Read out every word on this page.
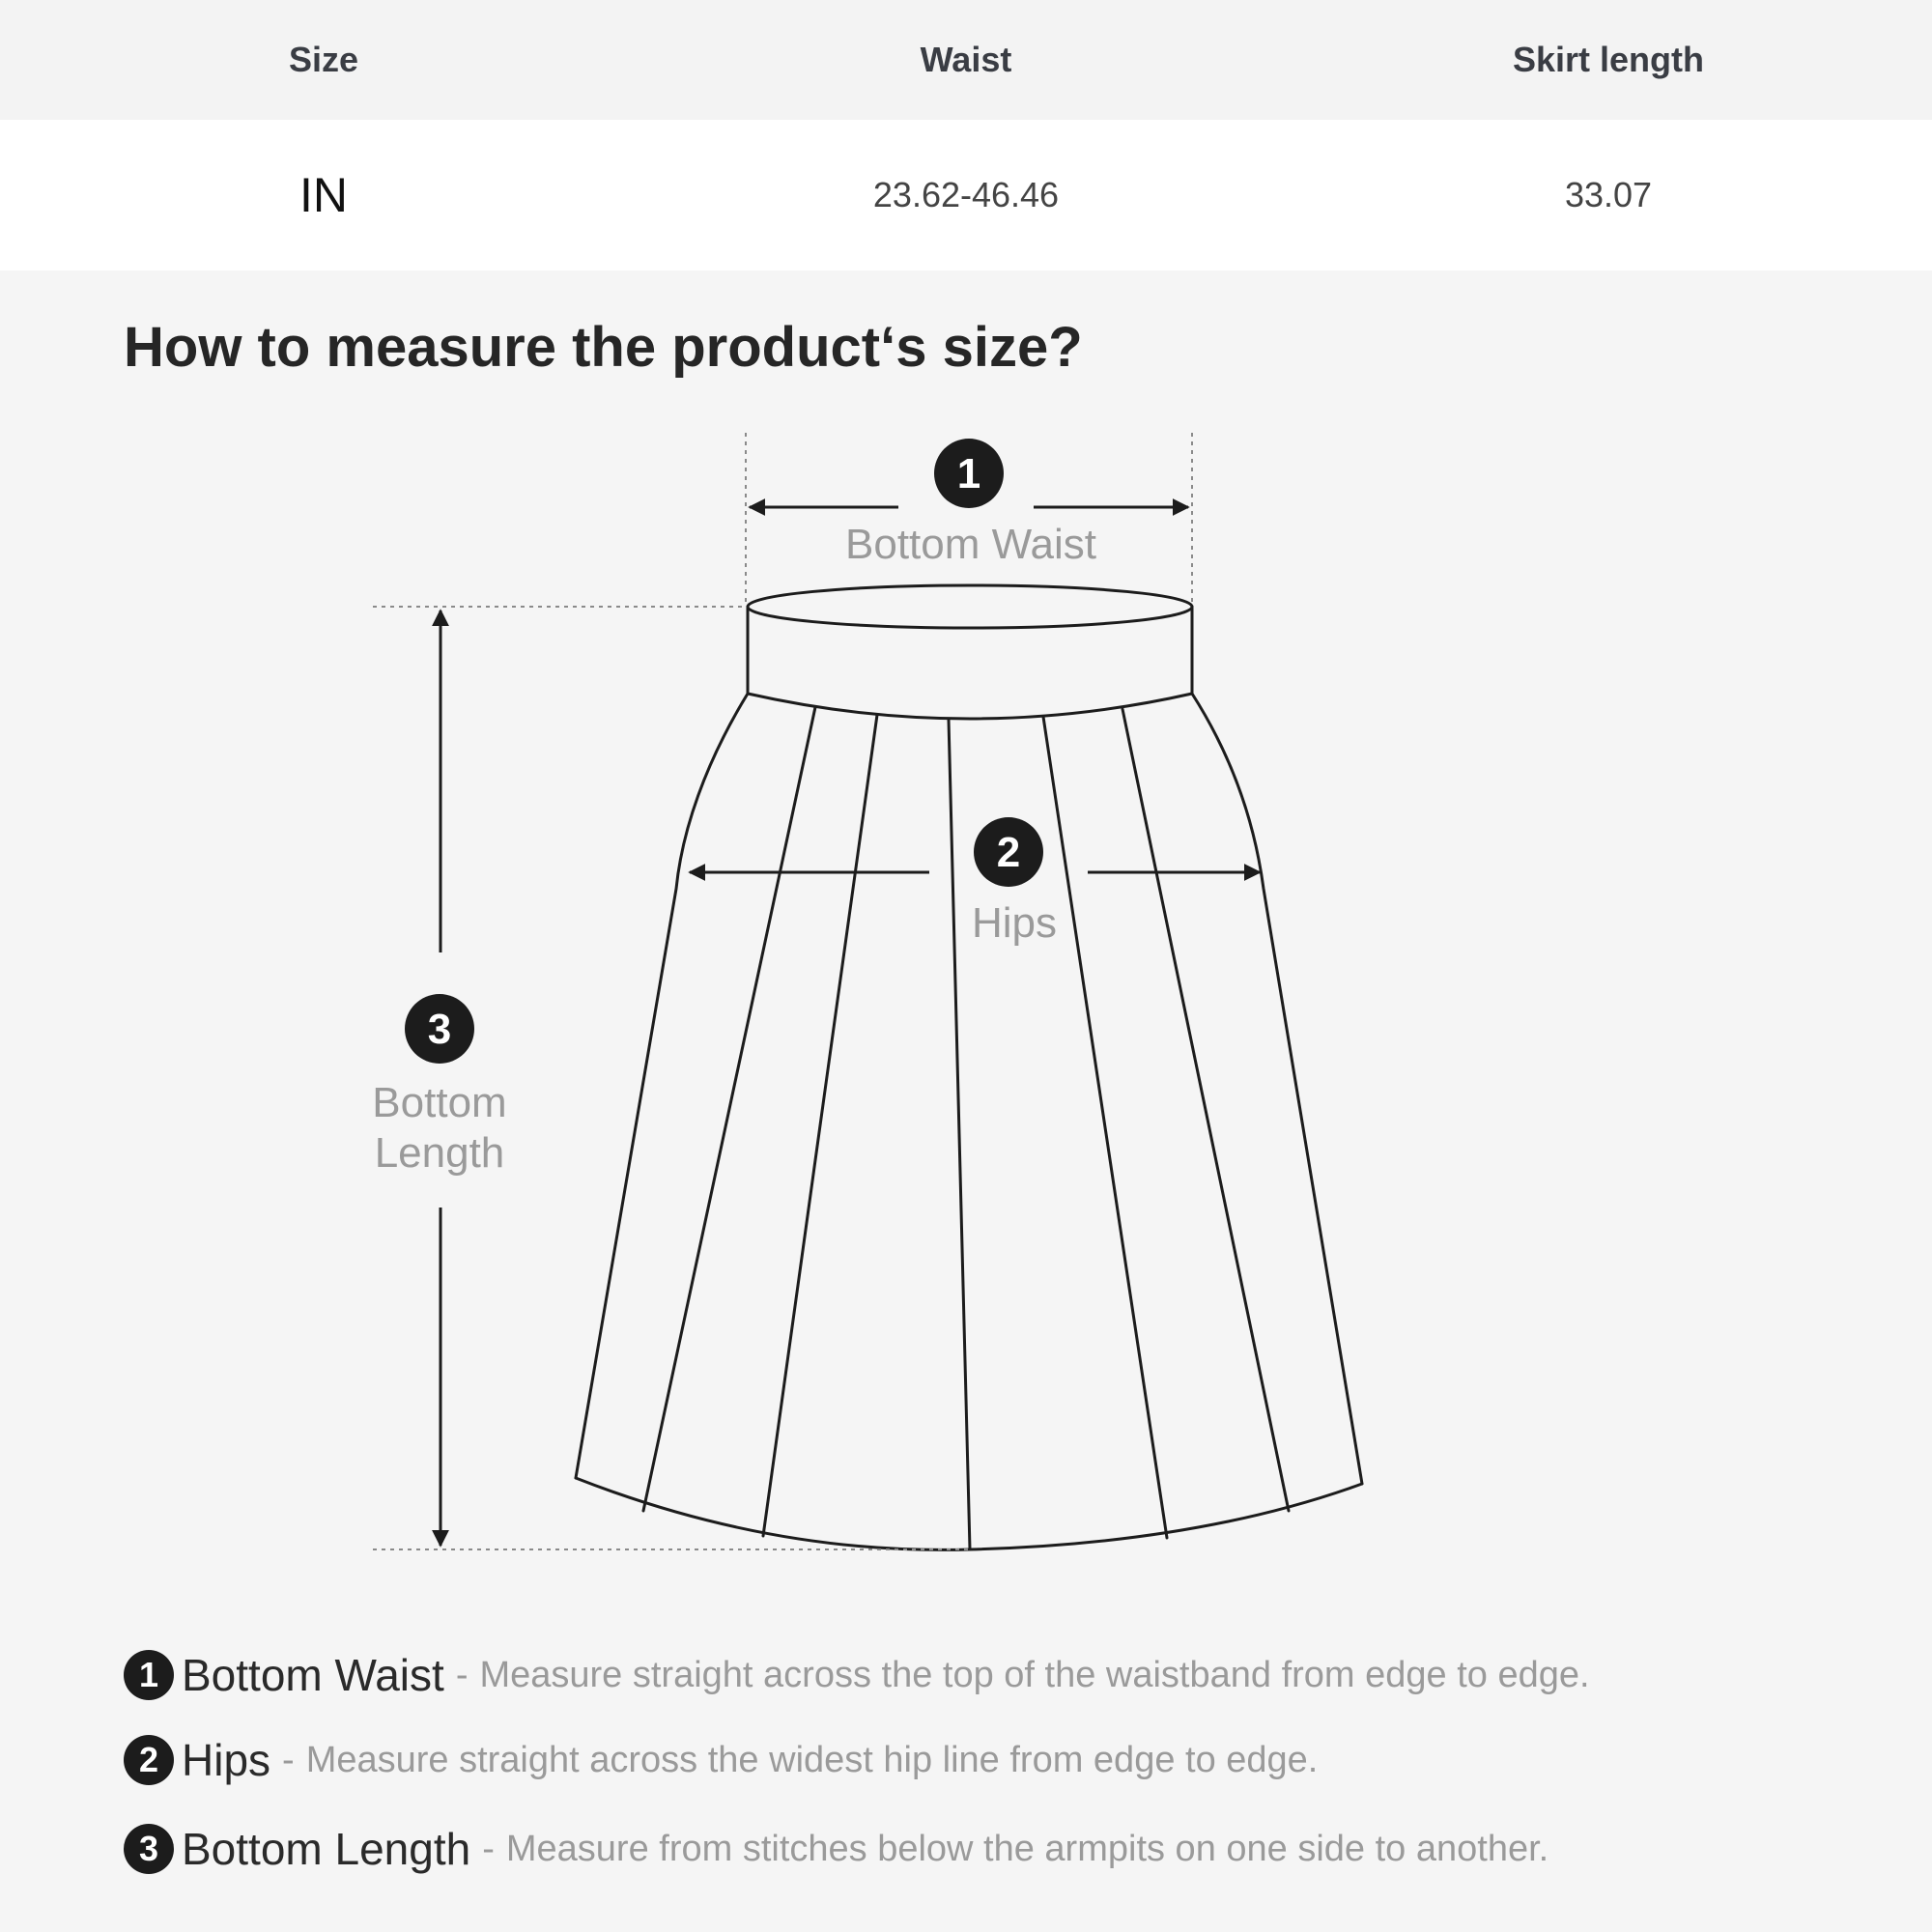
Size	Waist	Skirt length
IN	23.62-46.46	33.07
How to measure the product‘s size?
1
Bottom Waist
2
Hips
3
Bottom
Length
1 Bottom Waist - Measure straight across the top of the waistband from edge to edge.
2 Hips - Measure straight across the widest hip line from edge to edge.
3 Bottom Length - Measure from stitches below the armpits on one side to another.
